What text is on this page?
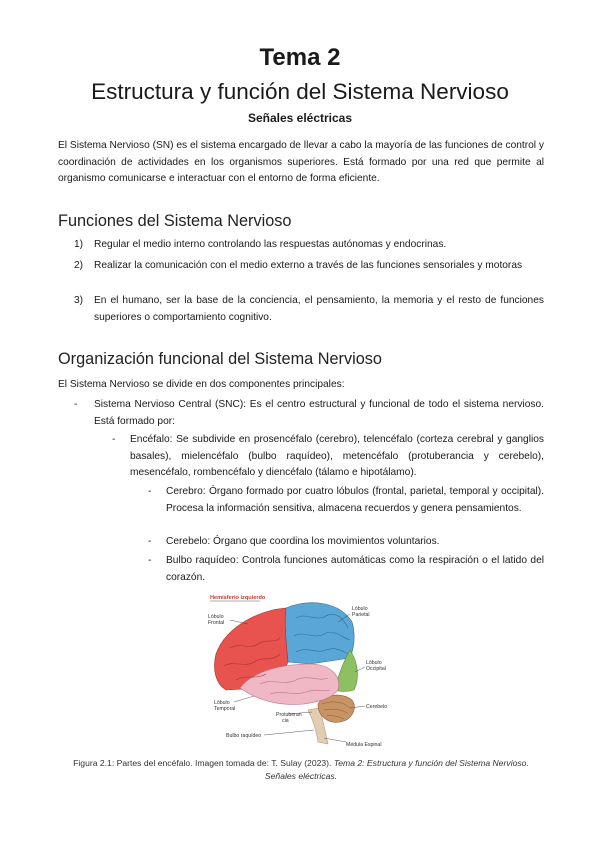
Tema 2
Estructura y función del Sistema Nervioso
Señales eléctricas
El Sistema Nervioso (SN) es el sistema encargado de llevar a cabo la mayoría de las funciones de control y coordinación de actividades en los organismos superiores. Está formado por una red que permite al organismo comunicarse e interactuar con el entorno de forma eficiente.
Funciones del Sistema Nervioso
1) Regular el medio interno controlando las respuestas autónomas y endocrinas.
2) Realizar la comunicación con el medio externo a través de las funciones sensoriales y motoras
3) En el humano, ser la base de la conciencia, el pensamiento, la memoria y el resto de funciones superiores o comportamiento cognitivo.
Organización funcional del Sistema Nervioso
El Sistema Nervioso se divide en dos componentes principales:
- Sistema Nervioso Central (SNC): Es el centro estructural y funcional de todo el sistema nervioso. Está formado por:
- Encéfalo: Se subdivide en prosencéfalo (cerebro), telencéfalo (corteza cerebral y ganglios basales), mielencéfalo (bulbo raquídeo), metencéfalo (protuberancia y cerebelo), mesencéfalo, rombencéfalo y diencéfalo (tálamo e hipotálamo).
- Cerebro: Órgano formado por cuatro lóbulos (frontal, parietal, temporal y occipital). Procesa la información sensitiva, almacena recuerdos y genera pensamientos.
- Cerebelo: Órgano que coordina los movimientos voluntarios.
- Bulbo raquídeo: Controla funciones automáticas como la respiración o el latido del corazón.
Hemisferio izquierdo
Lóbulo
Frontal
Lóbulo
Parietal
Lóbulo
Occipital
Cerebelo
Lóbulo
Temporal
Protuberan
cia
Bulbo raquídeo
Médula Espinal
Figura 2.1: Partes del encéfalo. Imagen tomada de: T. Sulay (2023). Tema 2: Estructura y función del Sistema Nervioso. Señales eléctricas.
